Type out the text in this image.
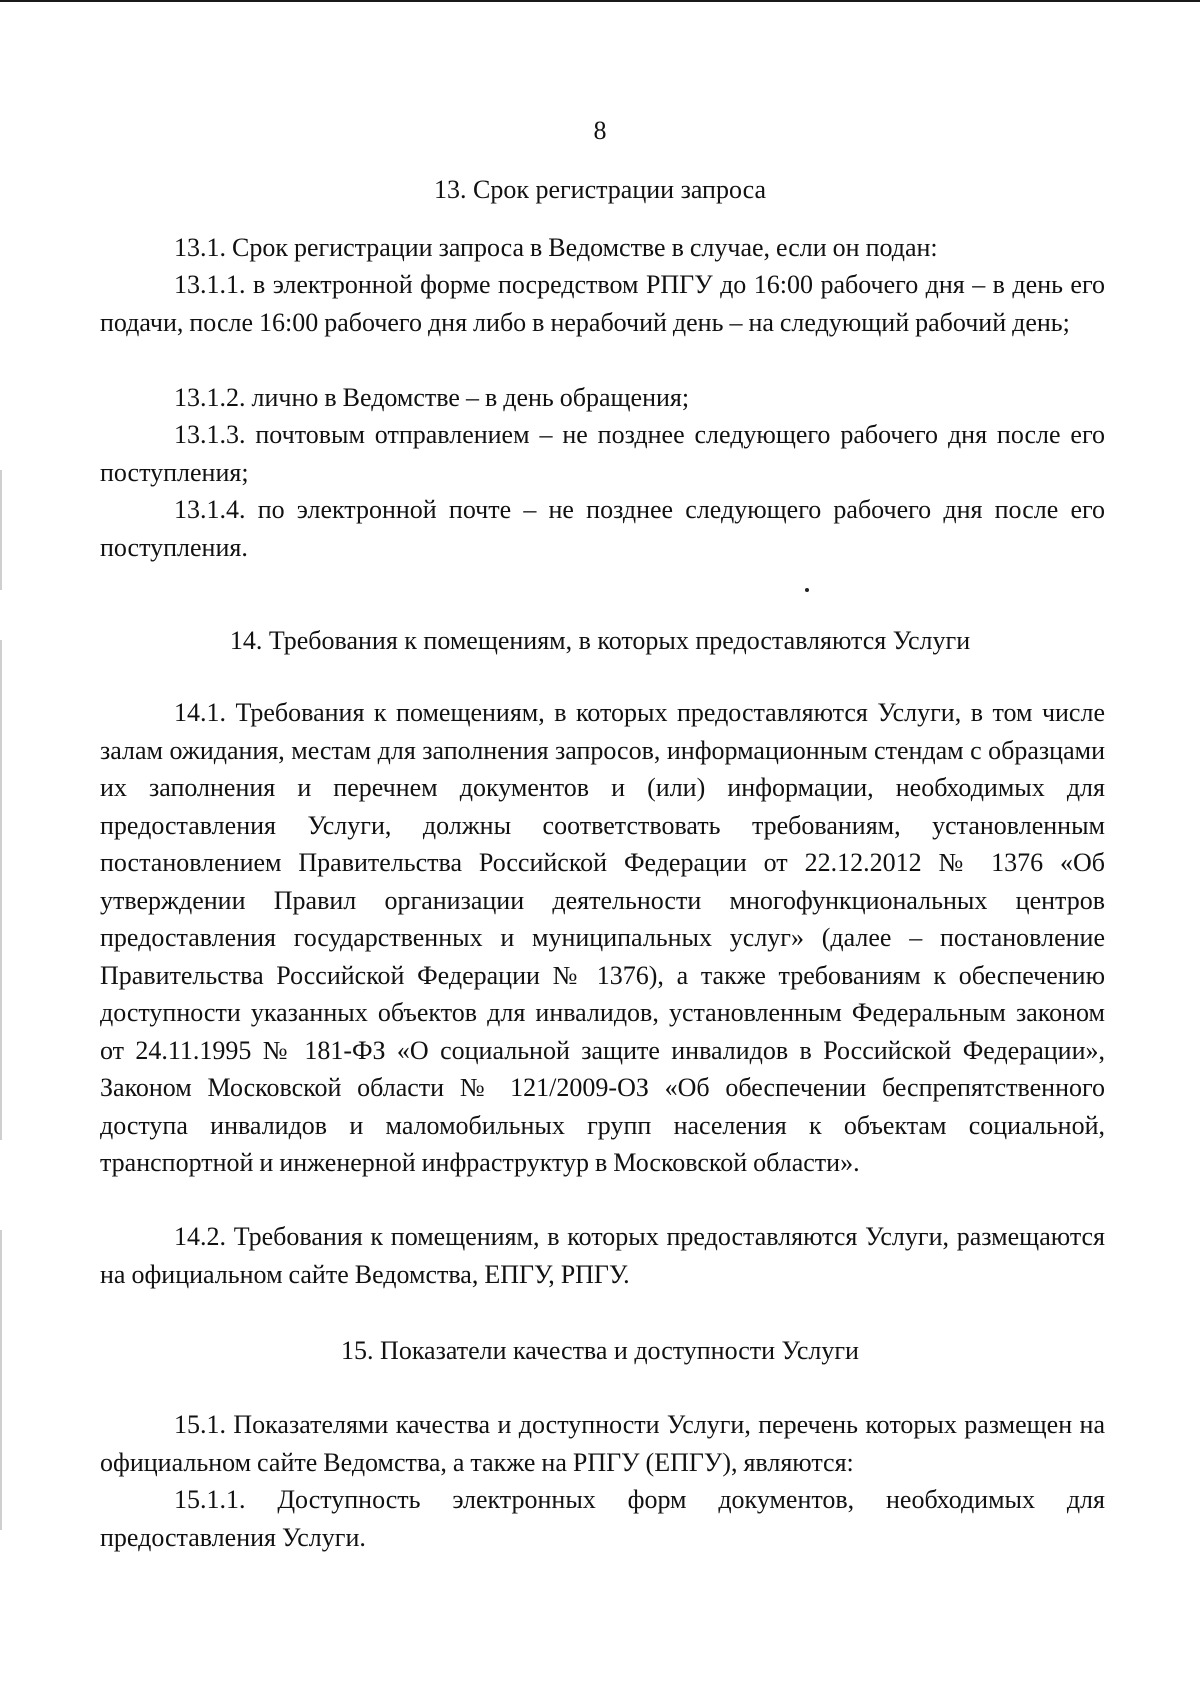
8
13. Срок регистрации запроса

13.1. Срок регистрации запроса в Ведомстве в случае, если он подан:

13.1.1. в электронной форме посредством РПГУ до 16:00 рабочего дня – в день его подачи, после 16:00 рабочего дня либо в нерабочий день – на следующий рабочий день;

13.1.2. лично в Ведомстве – в день обращения;

13.1.3. почтовым отправлением – не позднее следующего рабочего дня после его поступления;

13.1.4. по электронной почте – не позднее следующего рабочего дня после его поступления.

14. Требования к помещениям, в которых предоставляются Услуги

14.1. Требования к помещениям, в которых предоставляются Услуги, в том числе залам ожидания, местам для заполнения запросов, информационным стендам с образцами их заполнения и перечнем документов и (или) информации, необходимых для предоставления Услуги, должны соответствовать требованиям, установленным постановлением Правительства Российской Федерации от 22.12.2012 № 1376 «Об утверждении Правил организации деятельности многофункциональных центров предоставления государственных и муниципальных услуг» (далее – постановление Правительства Российской Федерации № 1376), а также требованиям к обеспечению доступности указанных объектов для инвалидов, установленным Федеральным законом от 24.11.1995 № 181-ФЗ «О социальной защите инвалидов в Российской Федерации», Законом Московской области № 121/2009-ОЗ «Об обеспечении беспрепятственного доступа инвалидов и маломобильных групп населения к объектам социальной, транспортной и инженерной инфраструктур в Московской области».

14.2. Требования к помещениям, в которых предоставляются Услуги, размещаются на официальном сайте Ведомства, ЕПГУ, РПГУ.

15. Показатели качества и доступности Услуги

15.1. Показателями качества и доступности Услуги, перечень которых размещен на официальном сайте Ведомства, а также на РПГУ (ЕПГУ), являются:

15.1.1. Доступность электронных форм документов, необходимых для предоставления Услуги.
